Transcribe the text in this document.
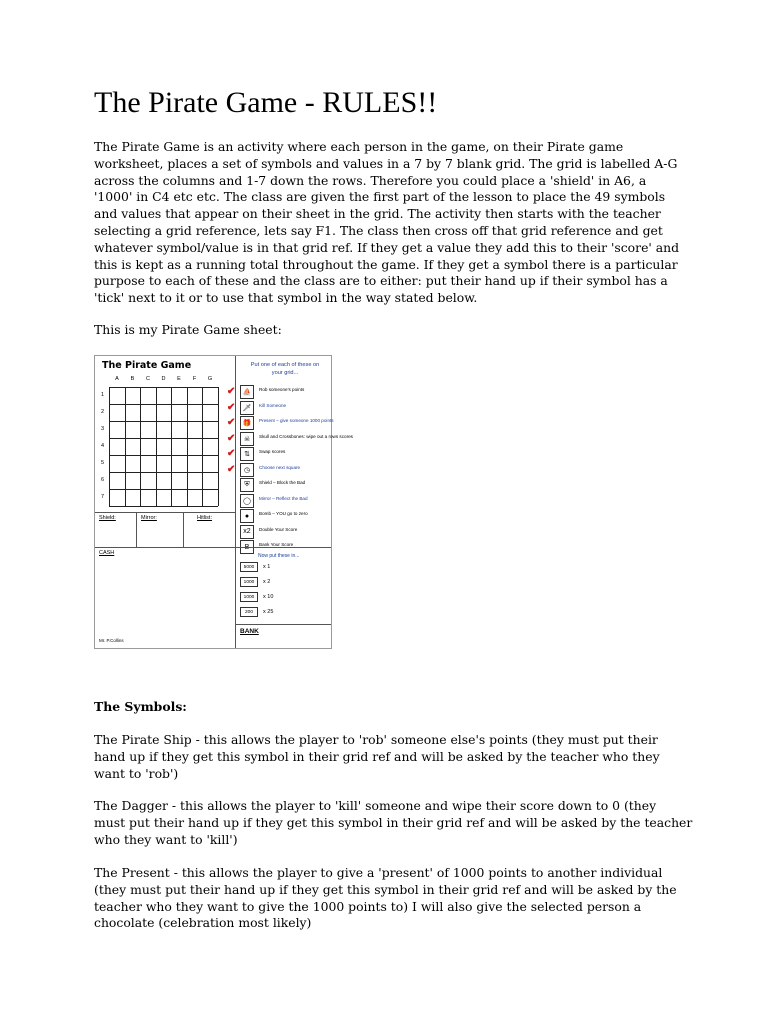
The Pirate Game - RULES!!
The Pirate Game is an activity where each person in the game, on their Pirate game
worksheet, places a set of symbols and values in a 7 by 7 blank grid. The grid is labelled A-G
across the columns and 1-7 down the rows. Therefore you could place a 'shield' in A6, a
'1000' in C4 etc etc. The class are given the first part of the lesson to place the 49 symbols
and values that appear on their sheet in the grid. The activity then starts with the teacher
selecting a grid reference, lets say F1. The class then cross off that grid reference and get
whatever symbol/value is in that grid ref. If they get a value they add this to their 'score' and
this is kept as a running total throughout the game. If they get a symbol there is a particular
purpose to each of these and the class are to either: put their hand up if their symbol has a
'tick' next to it or to use that symbol in the way stated below.
This is my Pirate Game sheet:
The Pirate Game	Put one of each of these on your grid...
A	B	C	D	E	F	G
1
2
3
4
5
6
7
✔	⛵	Rob someone's points
✔	🗡	Kill Someone
✔	🎁	Present – give someone 1000 points
✔	☠	Skull and Crossbones: wipe out a rows scores
✔	⇅	Swap scores
✔	◷	Choose next square
⛨	Shield – Block the Bad
◯	Mirror – Reflect the Bad
●	Bomb – YOU go to zero
x2	Double Your Score
Bank Your Score
Shield:	Mirror:	Hitlist:
CASH	Now put these in...
5000	x 1
1000	x 2
1000	x 10
200	x 25
BANK
Mr. P.Collins
The Symbols:
The Pirate Ship - this allows the player to 'rob' someone else's points (they must put their
hand up if they get this symbol in their grid ref and will be asked by the teacher who they
want to 'rob')
The Dagger - this allows the player to 'kill' someone and wipe their score down to 0 (they
must put their hand up if they get this symbol in their grid ref and will be asked by the teacher
who they want to 'kill')
The Present - this allows the player to give a 'present' of 1000 points to another individual
(they must put their hand up if they get this symbol in their grid ref and will be asked by the
teacher who they want to give the 1000 points to) I will also give the selected person a
chocolate (celebration most likely)
